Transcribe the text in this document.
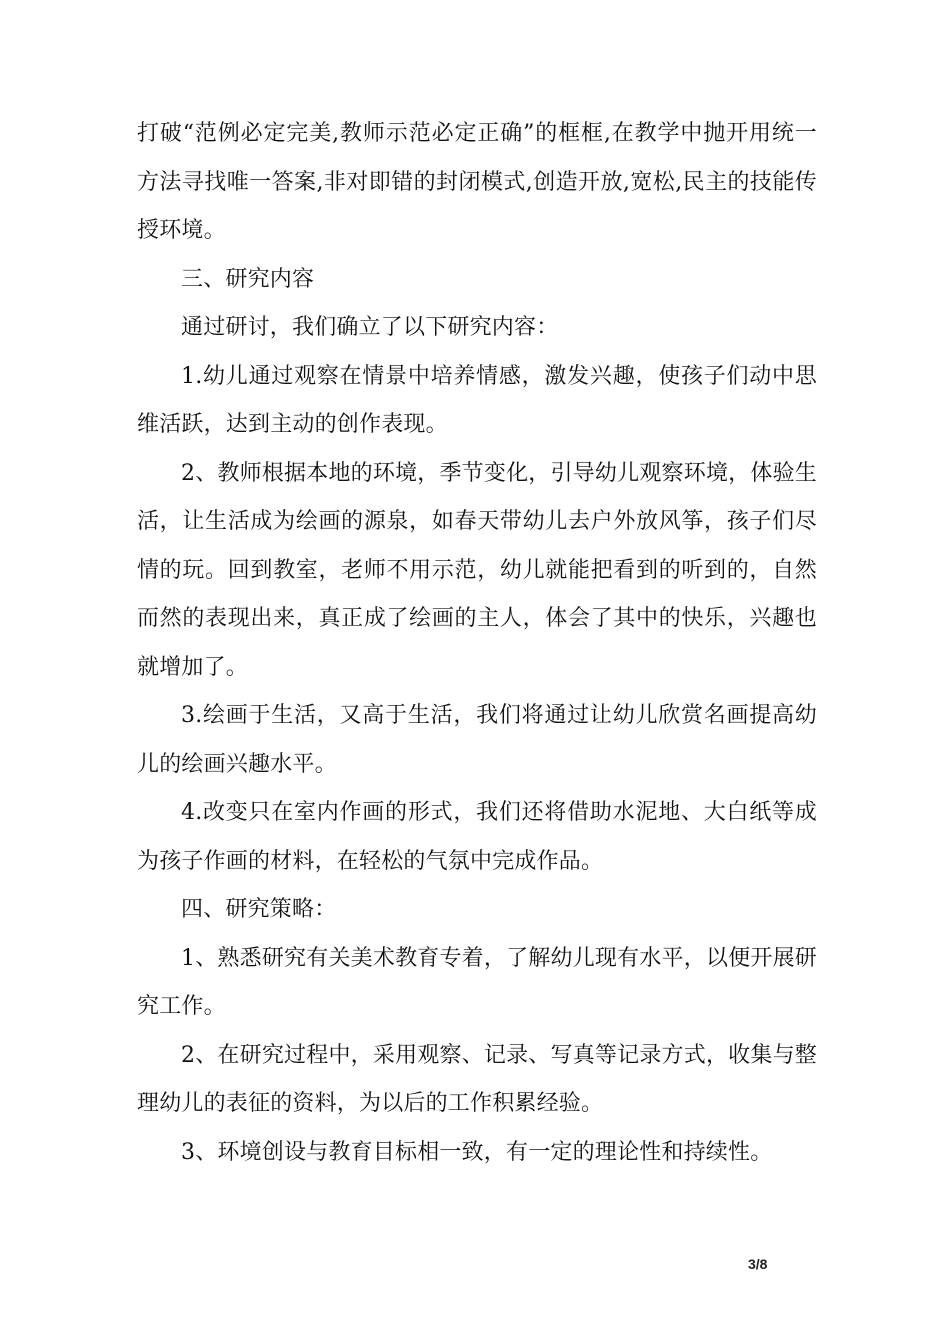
打破“范例必定完美,教师示范必定正确”的框框,在教学中抛开用统一方法寻找唯一答案,非对即错的封闭模式,创造开放,宽松,民主的技能传授环境。

三、研究内容

通过研讨，我们确立了以下研究内容：

1.幼儿通过观察在情景中培养情感，激发兴趣，使孩子们动中思维活跃，达到主动的创作表现。

2、教师根据本地的环境，季节变化，引导幼儿观察环境，体验生活，让生活成为绘画的源泉，如春天带幼儿去户外放风筝，孩子们尽情的玩。回到教室，老师不用示范，幼儿就能把看到的听到的，自然而然的表现出来，真正成了绘画的主人，体会了其中的快乐，兴趣也就增加了。

3.绘画于生活，又高于生活，我们将通过让幼儿欣赏名画提高幼儿的绘画兴趣水平。

4.改变只在室内作画的形式，我们还将借助水泥地、大白纸等成为孩子作画的材料，在轻松的气氛中完成作品。

四、研究策略：

1、熟悉研究有关美术教育专着，了解幼儿现有水平，以便开展研究工作。

2、在研究过程中，采用观察、记录、写真等记录方式，收集与整理幼儿的表征的资料，为以后的工作积累经验。

3、环境创设与教育目标相一致，有一定的理论性和持续性。

3/8
